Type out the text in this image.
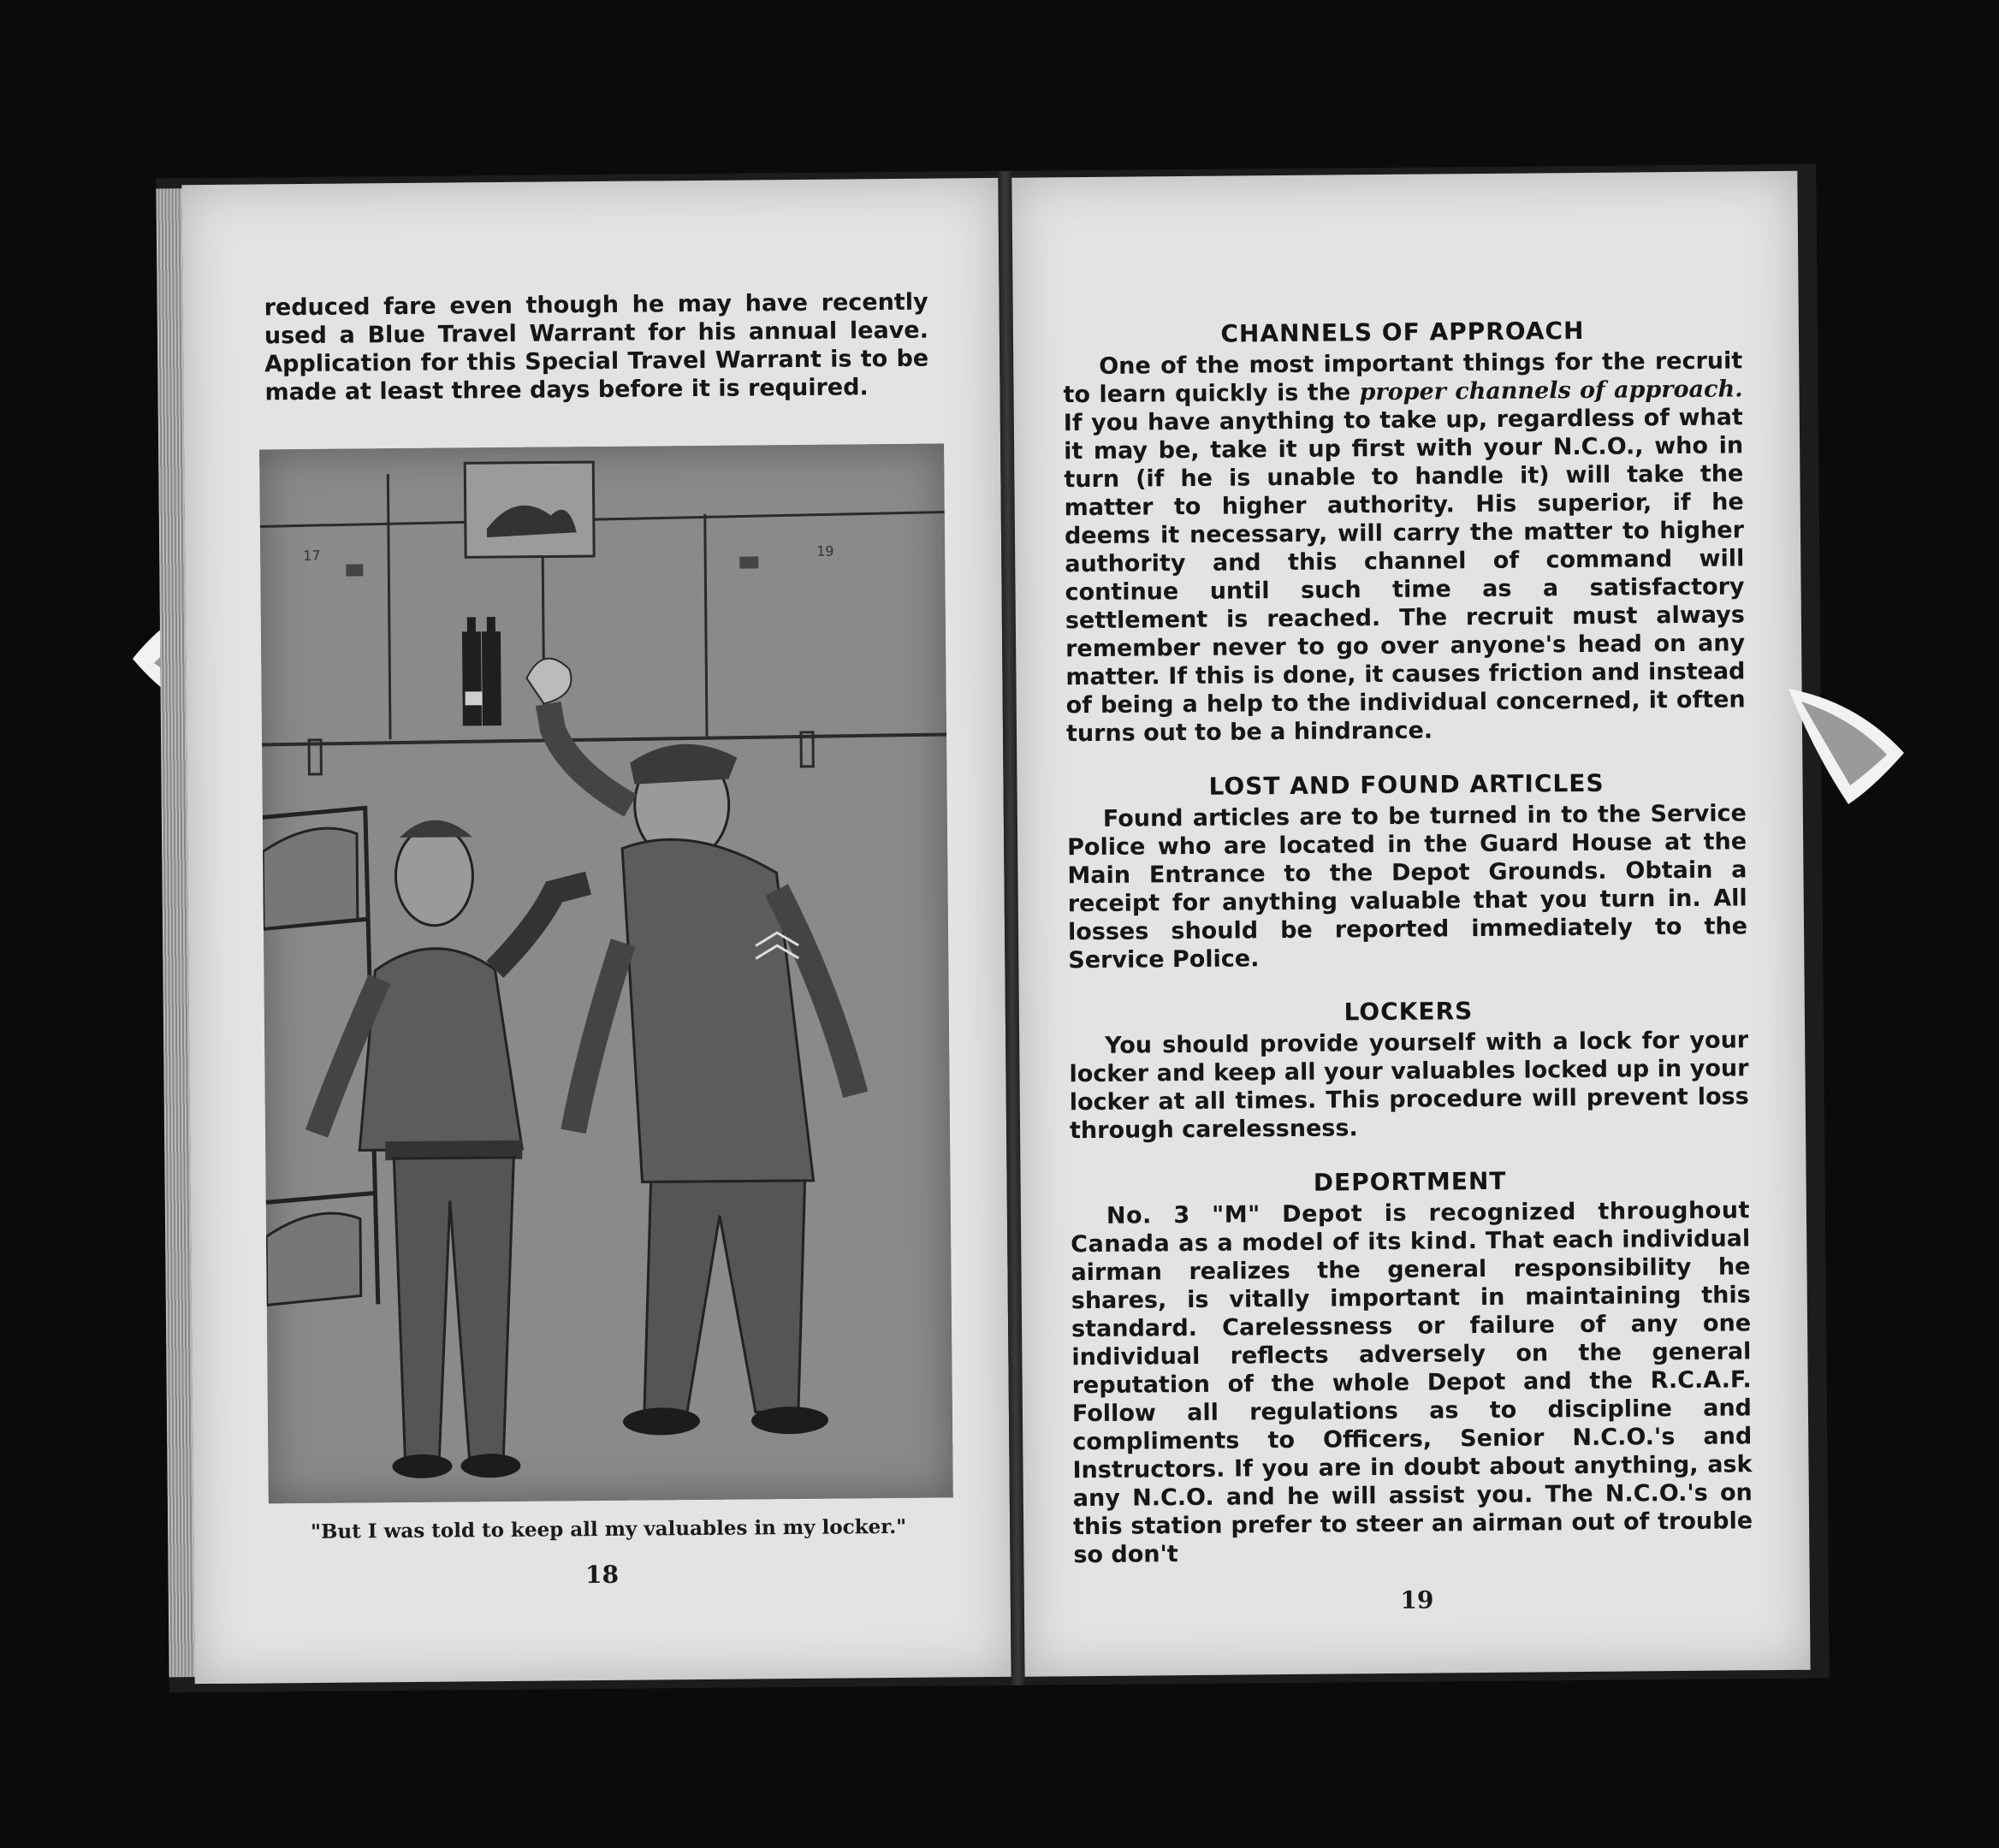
reduced fare even though he may have recently used a Blue Travel Warrant for his annual leave. Application for this Special Travel Warrant is to be made at least three days before it is required.
17	19
"But I was told to keep all my valuables in my locker."
18
CHANNELS OF APPROACH
One of the most important things for the recruit to learn quickly is the proper channels of approach. If you have anything to take up, regardless of what it may be, take it up first with your N.C.O., who in turn (if he is unable to handle it) will take the matter to higher authority. His superior, if he deems it necessary, will carry the matter to higher authority and this channel of command will continue until such time as a satisfactory settlement is reached. The recruit must always remember never to go over anyone's head on any matter. If this is done, it causes friction and instead of being a help to the individual concerned, it often turns out to be a hindrance.
LOST AND FOUND ARTICLES
Found articles are to be turned in to the Service Police who are located in the Guard House at the Main Entrance to the Depot Grounds. Obtain a receipt for anything valuable that you turn in. All losses should be reported immediately to the Service Police.
LOCKERS
You should provide yourself with a lock for your locker and keep all your valuables locked up in your locker at all times. This procedure will prevent loss through carelessness.
DEPORTMENT
No. 3 "M" Depot is recognized throughout Canada as a model of its kind. That each individual airman realizes the general responsibility he shares, is vitally important in maintaining this standard. Carelessness or failure of any one individual reflects adversely on the general reputation of the whole Depot and the R.C.A.F. Follow all regulations as to discipline and compliments to Officers, Senior N.C.O.'s and Instructors. If you are in doubt about anything, ask any N.C.O. and he will assist you. The N.C.O.'s on this station prefer to steer an airman out of trouble so don't
19
